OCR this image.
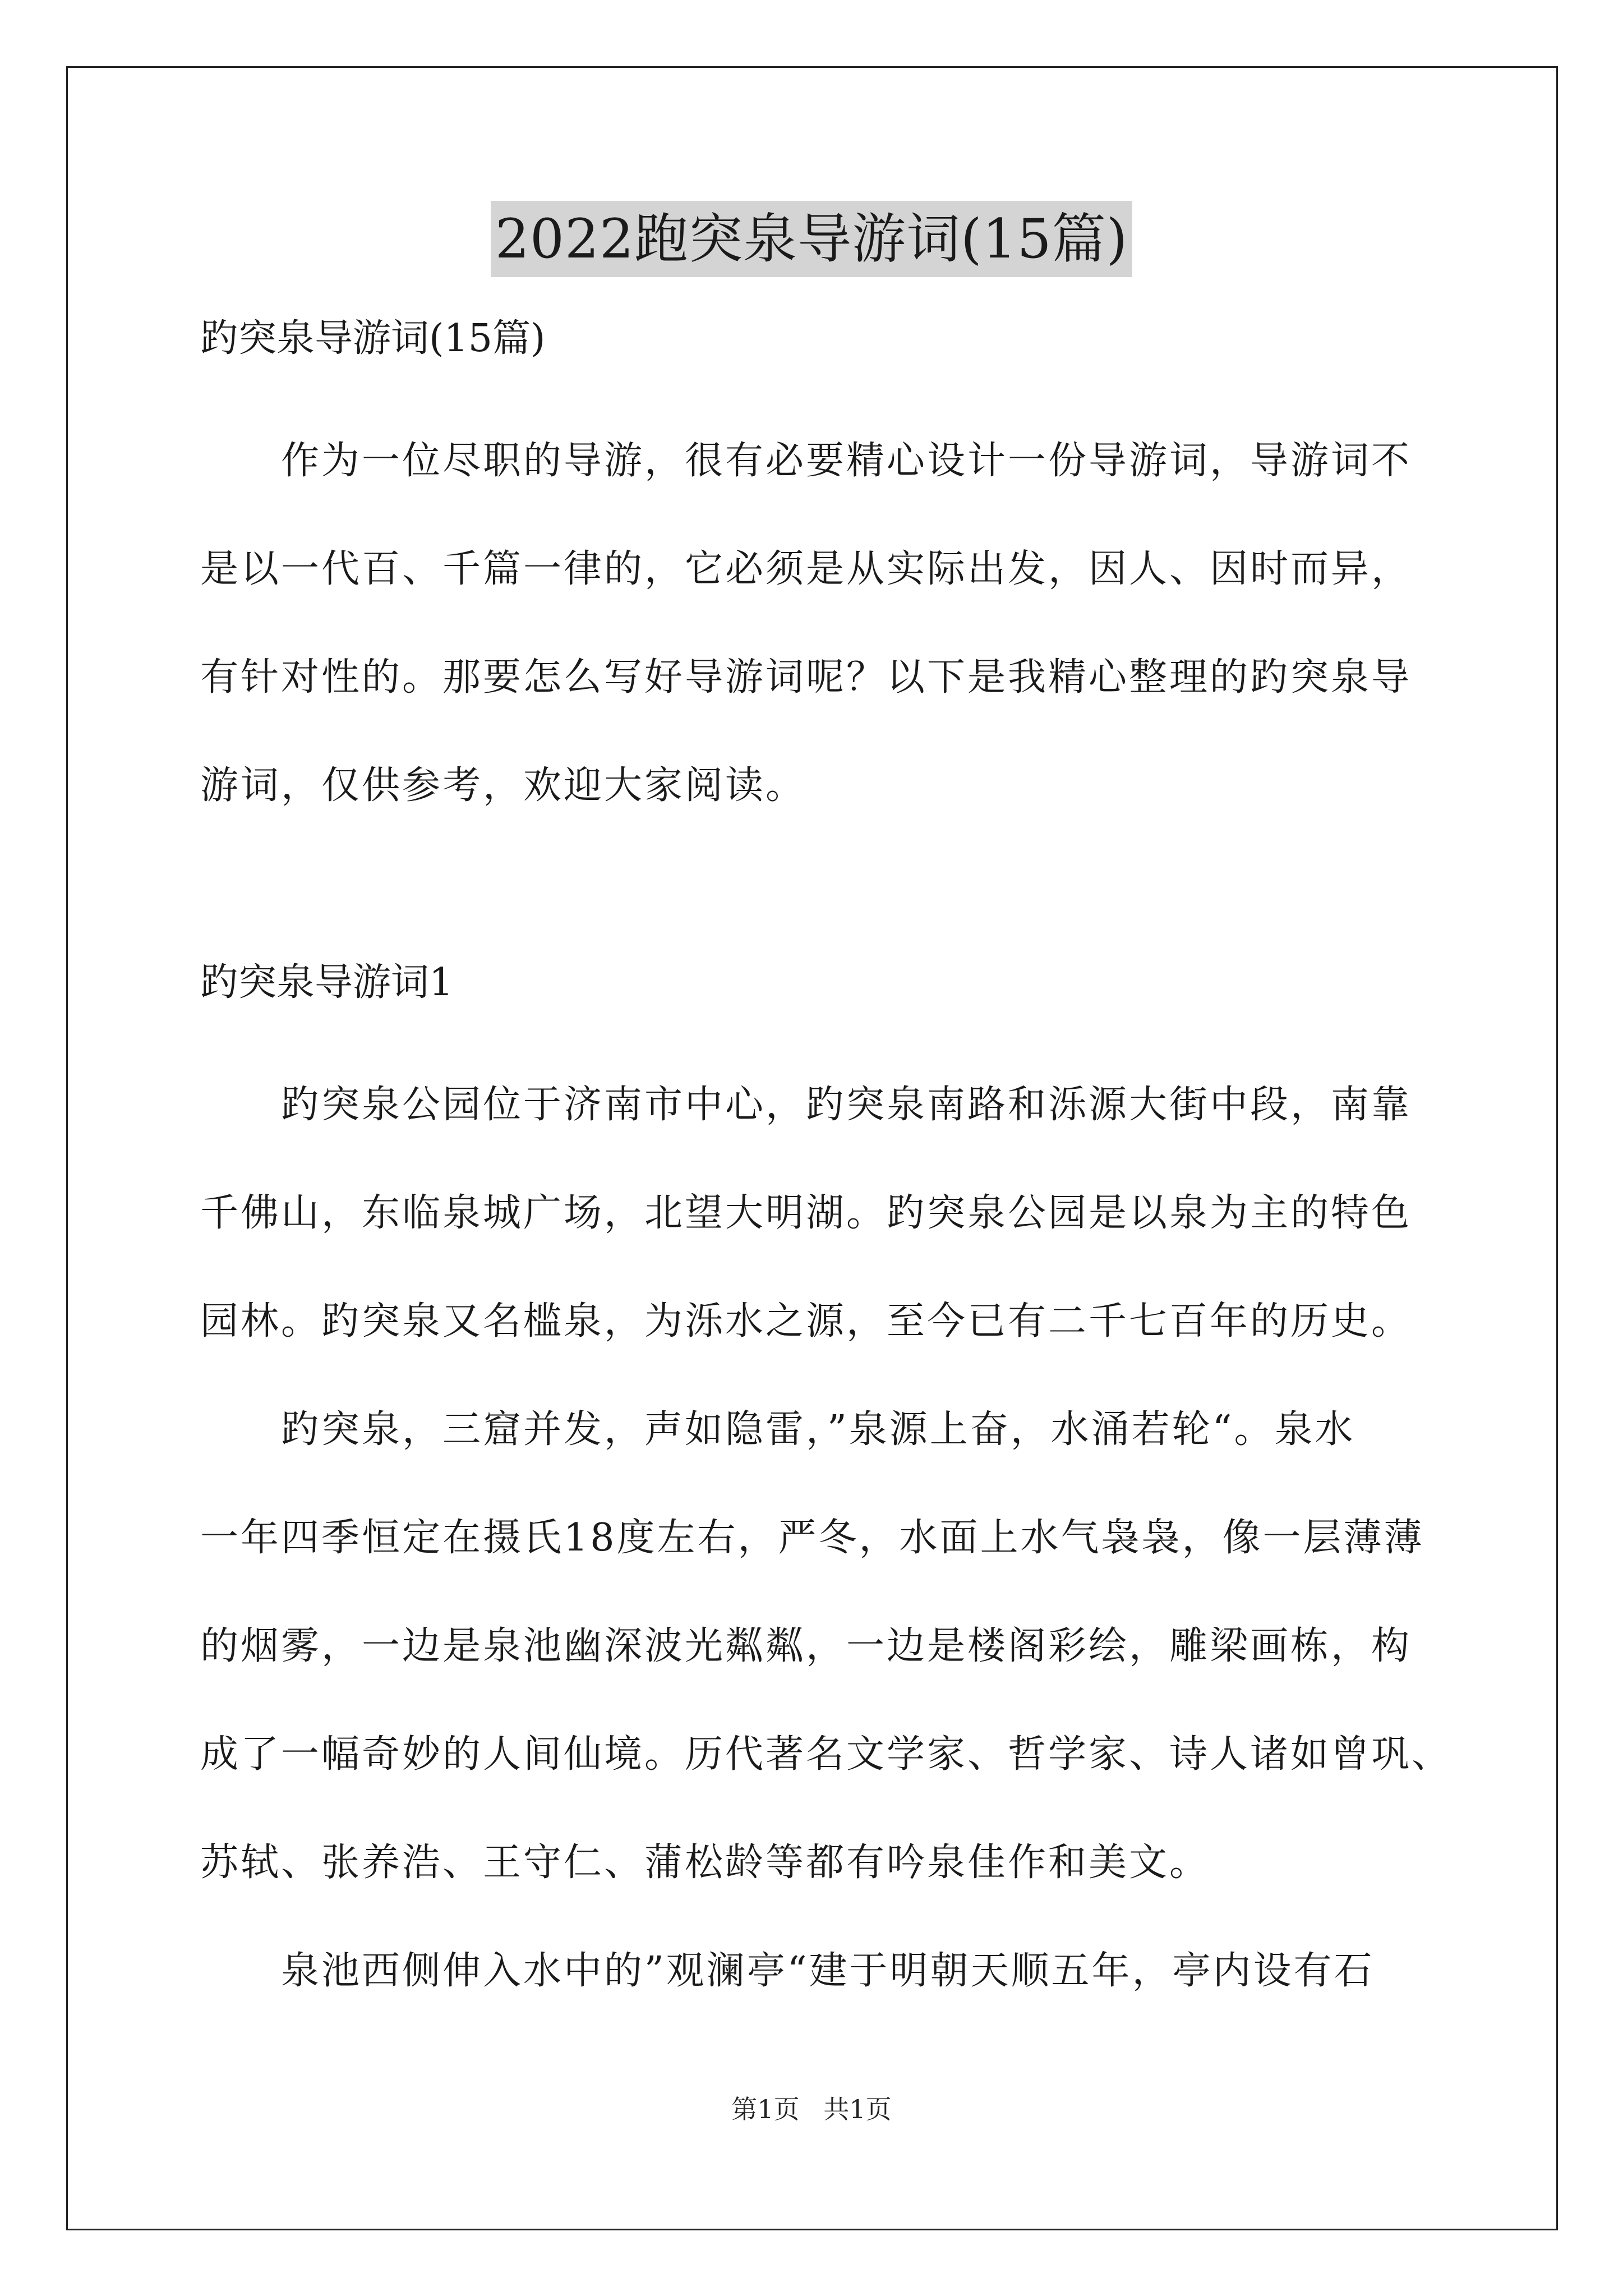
2022跑突泉导游词(15篇)

趵突泉导游词(15篇)

作为一位尽职的导游，很有必要精心设计一份导游词，导游词不
是以一代百、千篇一律的，它必须是从实际出发，因人、因时而异，
有针对性的。那要怎么写好导游词呢？以下是我精心整理的趵突泉导
游词，仅供参考，欢迎大家阅读。

趵突泉导游词1

趵突泉公园位于济南市中心，趵突泉南路和泺源大街中段，南靠
千佛山，东临泉城广场，北望大明湖。趵突泉公园是以泉为主的特色
园林。趵突泉又名槛泉，为泺水之源，至今已有二千七百年的历史。

趵突泉，三窟并发，声如隐雷，”泉源上奋，水涌若轮“。泉水
一年四季恒定在摄氏18度左右，严冬，水面上水气袅袅，像一层薄薄
的烟雾，一边是泉池幽深波光粼粼，一边是楼阁彩绘，雕梁画栋，构
成了一幅奇妙的人间仙境。历代著名文学家、哲学家、诗人诸如曾巩、
苏轼、张养浩、王守仁、蒲松龄等都有吟泉佳作和美文。

泉池西侧伸入水中的”观澜亭“建于明朝天顺五年，亭内设有石

第1页 共1页
